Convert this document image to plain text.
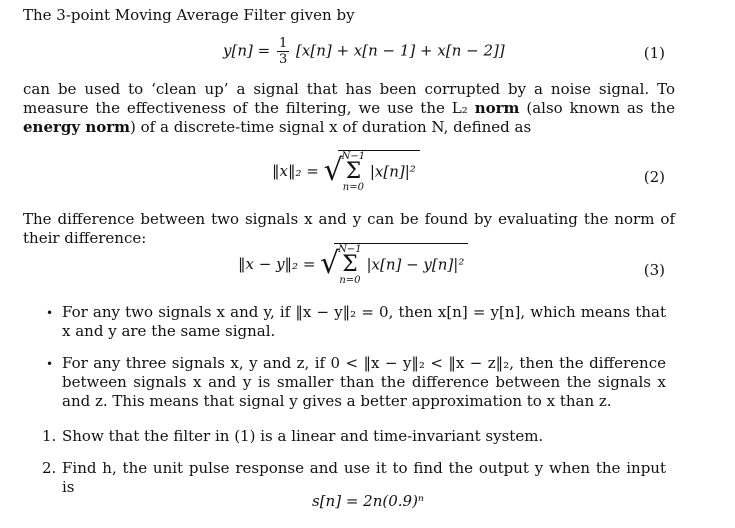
The 3-point Moving Average Filter given by
$y[n] = \frac{1}{3} [x[n] + x[n - 1] + x[n - 2]]$	(1)
can be used to ‘clean up’ a signal that has been corrupted by a noise signal. To measure the effectiveness of the filtering, we use the L₂ norm (also known as the energy norm) of a discrete-time signal x of duration N, defined as
‖x‖₂ = √
N−1
Σ
n=0
|x[n]|²	(2)
The difference between two signals x and y can be found by evaluating the norm of their difference:
‖x − y‖₂ = √
N−1
Σ
n=0
|x[n] − y[n]|²	(3)
• For any two signals x and y, if ‖x − y‖₂ = 0, then x[n] = y[n], which means that x and y are the same signal.
• For any three signals x, y and z, if 0 < ‖x − y‖₂ < ‖x − z‖₂, then the difference between signals x and y is smaller than the difference between the signals x and z. This means that signal y gives a better approximation to x than z.
1. Show that the filter in (1) is a linear and time-invariant system.
2. Find h, the unit pulse response and use it to find the output y when the input is
s[n] = 2n(0.9)ⁿ
